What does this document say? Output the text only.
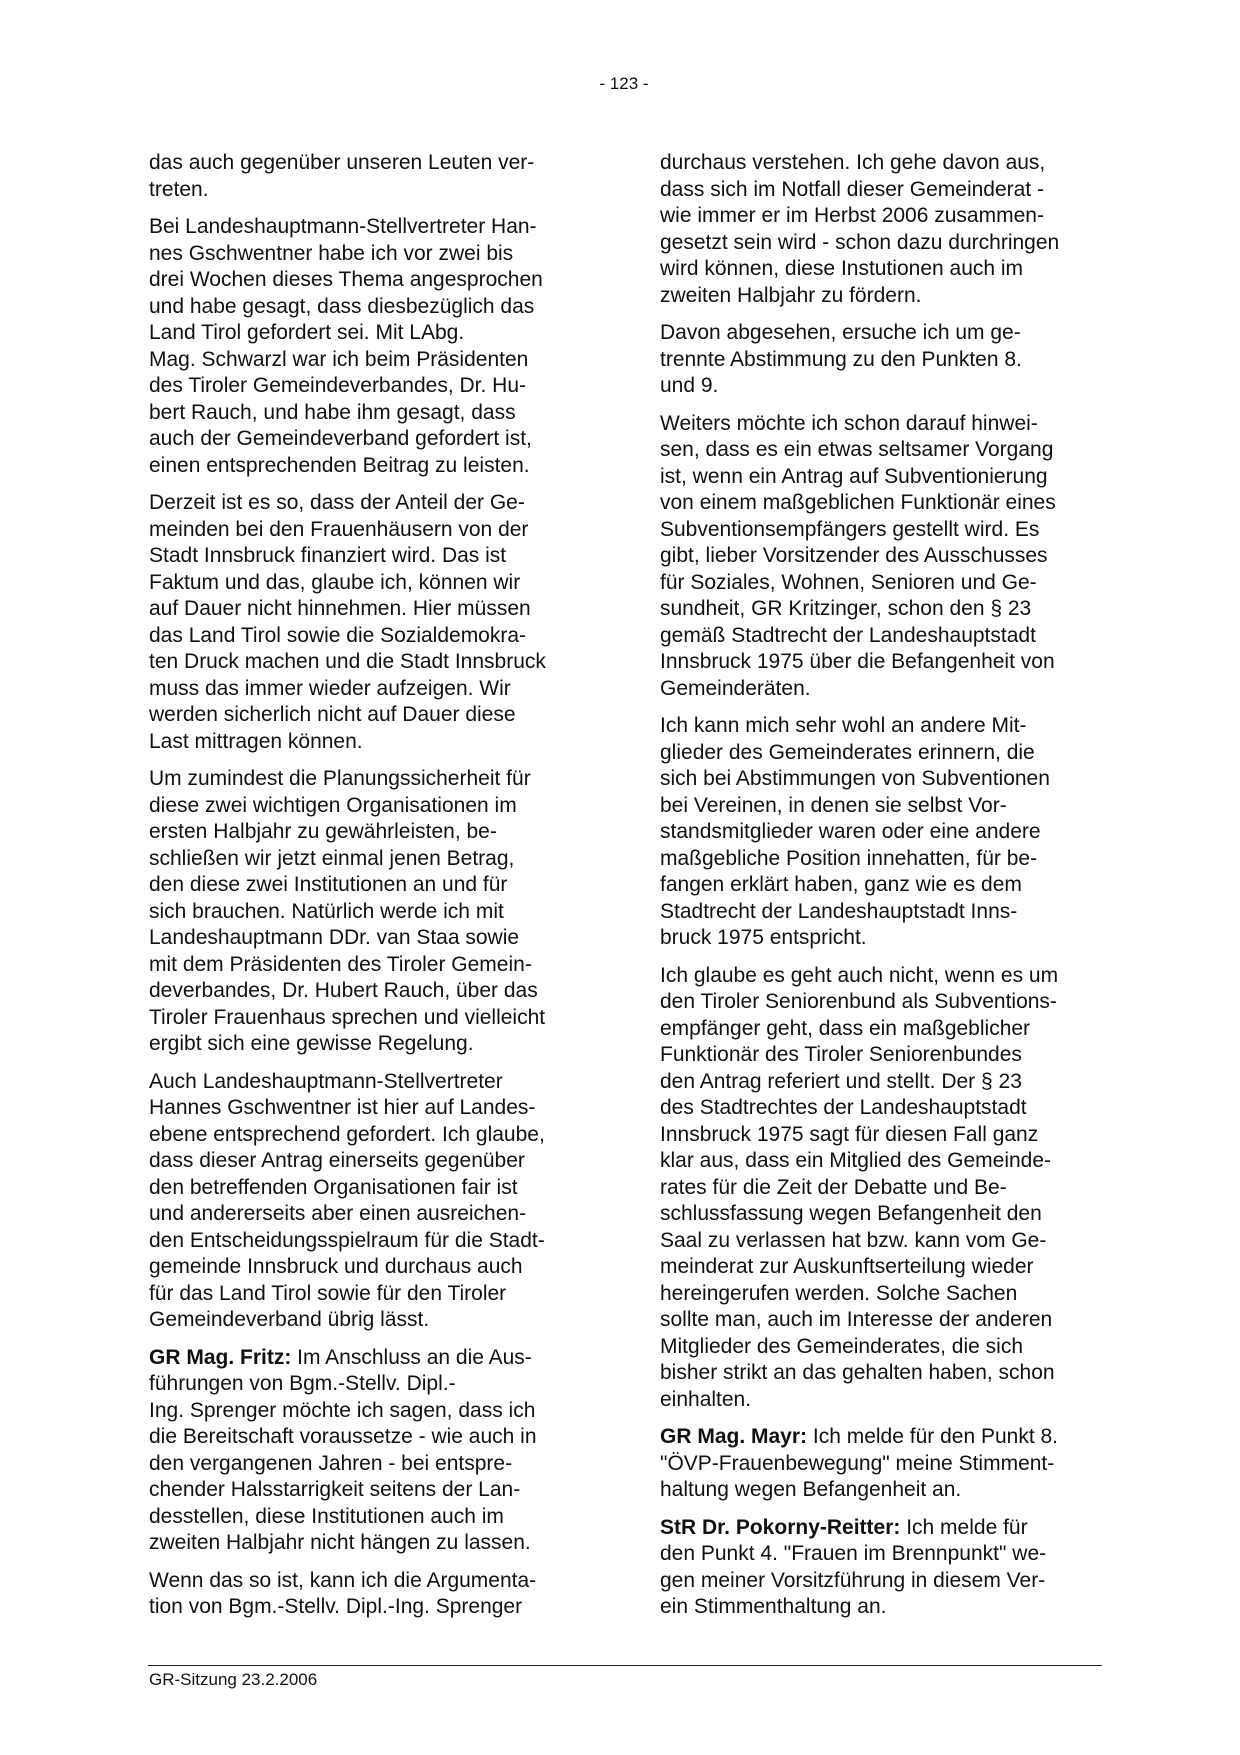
- 123 -
das auch gegenüber unseren Leuten ver-
treten.
Bei Landeshauptmann-Stellvertreter Han-
nes Gschwentner habe ich vor zwei bis
drei Wochen dieses Thema angesprochen
und habe gesagt, dass diesbezüglich das
Land Tirol gefordert sei. Mit LAbg.
Mag. Schwarzl war ich beim Präsidenten
des Tiroler Gemeindeverbandes, Dr. Hu-
bert Rauch, und habe ihm gesagt, dass
auch der Gemeindeverband gefordert ist,
einen entsprechenden Beitrag zu leisten.
Derzeit ist es so, dass der Anteil der Ge-
meinden bei den Frauenhäusern von der
Stadt Innsbruck finanziert wird. Das ist
Faktum und das, glaube ich, können wir
auf Dauer nicht hinnehmen. Hier müssen
das Land Tirol sowie die Sozialdemokra-
ten Druck machen und die Stadt Innsbruck
muss das immer wieder aufzeigen. Wir
werden sicherlich nicht auf Dauer diese
Last mittragen können.
Um zumindest die Planungssicherheit für
diese zwei wichtigen Organisationen im
ersten Halbjahr zu gewährleisten, be-
schließen wir jetzt einmal jenen Betrag,
den diese zwei Institutionen an und für
sich brauchen. Natürlich werde ich mit
Landeshauptmann DDr. van Staa sowie
mit dem Präsidenten des Tiroler Gemein-
deverbandes, Dr. Hubert Rauch, über das
Tiroler Frauenhaus sprechen und vielleicht
ergibt sich eine gewisse Regelung.
Auch Landeshauptmann-Stellvertreter
Hannes Gschwentner ist hier auf Landes-
ebene entsprechend gefordert. Ich glaube,
dass dieser Antrag einerseits gegenüber
den betreffenden Organisationen fair ist
und andererseits aber einen ausreichen-
den Entscheidungsspielraum für die Stadt-
gemeinde Innsbruck und durchaus auch
für das Land Tirol sowie für den Tiroler
Gemeindeverband übrig lässt.
GR Mag. Fritz: Im Anschluss an die Aus-
führungen von Bgm.-Stellv. Dipl.-
Ing. Sprenger möchte ich sagen, dass ich
die Bereitschaft voraussetze - wie auch in
den vergangenen Jahren - bei entspre-
chender Halsstarrigkeit seitens der Lan-
desstellen, diese Institutionen auch im
zweiten Halbjahr nicht hängen zu lassen.
Wenn das so ist, kann ich die Argumenta-
tion von Bgm.-Stellv. Dipl.-Ing. Sprenger
durchaus verstehen. Ich gehe davon aus,
dass sich im Notfall dieser Gemeinderat -
wie immer er im Herbst 2006 zusammen-
gesetzt sein wird - schon dazu durchringen
wird können, diese Instutionen auch im
zweiten Halbjahr zu fördern.
Davon abgesehen, ersuche ich um ge-
trennte Abstimmung zu den Punkten 8.
und 9.
Weiters möchte ich schon darauf hinwei-
sen, dass es ein etwas seltsamer Vorgang
ist, wenn ein Antrag auf Subventionierung
von einem maßgeblichen Funktionär eines
Subventionsempfängers gestellt wird. Es
gibt, lieber Vorsitzender des Ausschusses
für Soziales, Wohnen, Senioren und Ge-
sundheit, GR Kritzinger, schon den § 23
gemäß Stadtrecht der Landeshauptstadt
Innsbruck 1975 über die Befangenheit von
Gemeinderäten.
Ich kann mich sehr wohl an andere Mit-
glieder des Gemeinderates erinnern, die
sich bei Abstimmungen von Subventionen
bei Vereinen, in denen sie selbst Vor-
standsmitglieder waren oder eine andere
maßgebliche Position innehatten, für be-
fangen erklärt haben, ganz wie es dem
Stadtrecht der Landeshauptstadt Inns-
bruck 1975 entspricht.
Ich glaube es geht auch nicht, wenn es um
den Tiroler Seniorenbund als Subventions-
empfänger geht, dass ein maßgeblicher
Funktionär des Tiroler Seniorenbundes
den Antrag referiert und stellt. Der § 23
des Stadtrechtes der Landeshauptstadt
Innsbruck 1975 sagt für diesen Fall ganz
klar aus, dass ein Mitglied des Gemeinde-
rates für die Zeit der Debatte und Be-
schlussfassung wegen Befangenheit den
Saal zu verlassen hat bzw. kann vom Ge-
meinderat zur Auskunftserteilung wieder
hereingerufen werden. Solche Sachen
sollte man, auch im Interesse der anderen
Mitglieder des Gemeinderates, die sich
bisher strikt an das gehalten haben, schon
einhalten.
GR Mag. Mayr: Ich melde für den Punkt 8.
"ÖVP-Frauenbewegung" meine Stimment-
haltung wegen Befangenheit an.
StR Dr. Pokorny-Reitter: Ich melde für
den Punkt 4. "Frauen im Brennpunkt" we-
gen meiner Vorsitzführung in diesem Ver-
ein Stimmenthaltung an.
GR-Sitzung 23.2.2006
